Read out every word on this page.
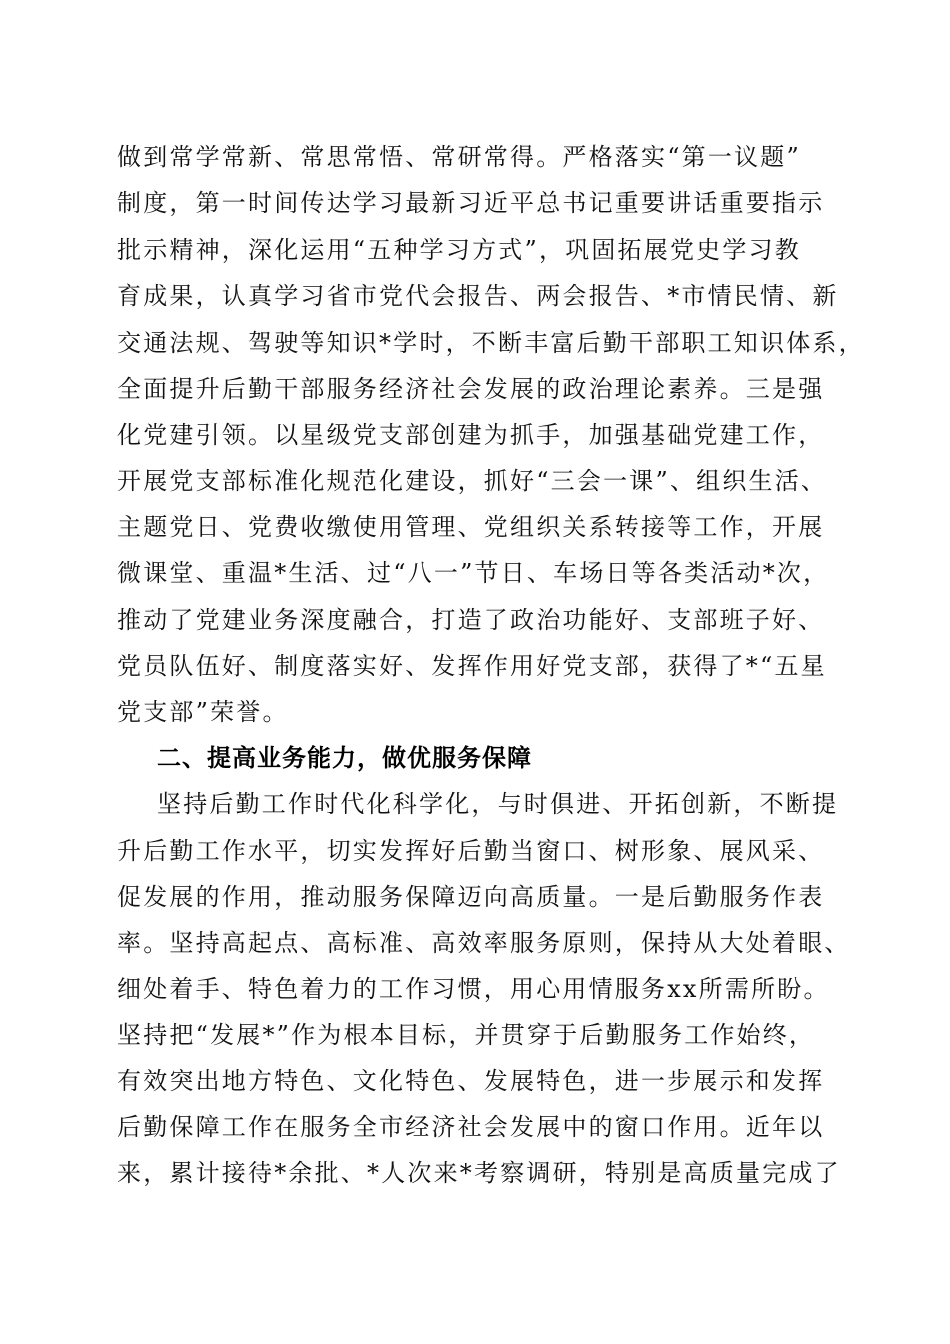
做到常学常新、常思常悟、常研常得。严格落实“第一议题”
制度，第一时间传达学习最新习近平总书记重要讲话重要指示
批示精神，深化运用“五种学习方式”，巩固拓展党史学习教
育成果，认真学习省市党代会报告、两会报告、*市情民情、新
交通法规、驾驶等知识*学时，不断丰富后勤干部职工知识体系，
全面提升后勤干部服务经济社会发展的政治理论素养。三是强
化党建引领。以星级党支部创建为抓手，加强基础党建工作，
开展党支部标准化规范化建设，抓好“三会一课”、组织生活、
主题党日、党费收缴使用管理、党组织关系转接等工作，开展
微课堂、重温*生活、过“八一”节日、车场日等各类活动*次，
推动了党建业务深度融合，打造了政治功能好、支部班子好、
党员队伍好、制度落实好、发挥作用好党支部，获得了*“五星
党支部”荣誉。
二、提高业务能力，做优服务保障
坚持后勤工作时代化科学化，与时俱进、开拓创新，不断提
升后勤工作水平，切实发挥好后勤当窗口、树形象、展风采、
促发展的作用，推动服务保障迈向高质量。一是后勤服务作表
率。坚持高起点、高标准、高效率服务原则，保持从大处着眼、
细处着手、特色着力的工作习惯，用心用情服务xx所需所盼。
坚持把“发展*”作为根本目标，并贯穿于后勤服务工作始终，
有效突出地方特色、文化特色、发展特色，进一步展示和发挥
后勤保障工作在服务全市经济社会发展中的窗口作用。近年以
来，累计接待*余批、*人次来*考察调研，特别是高质量完成了
